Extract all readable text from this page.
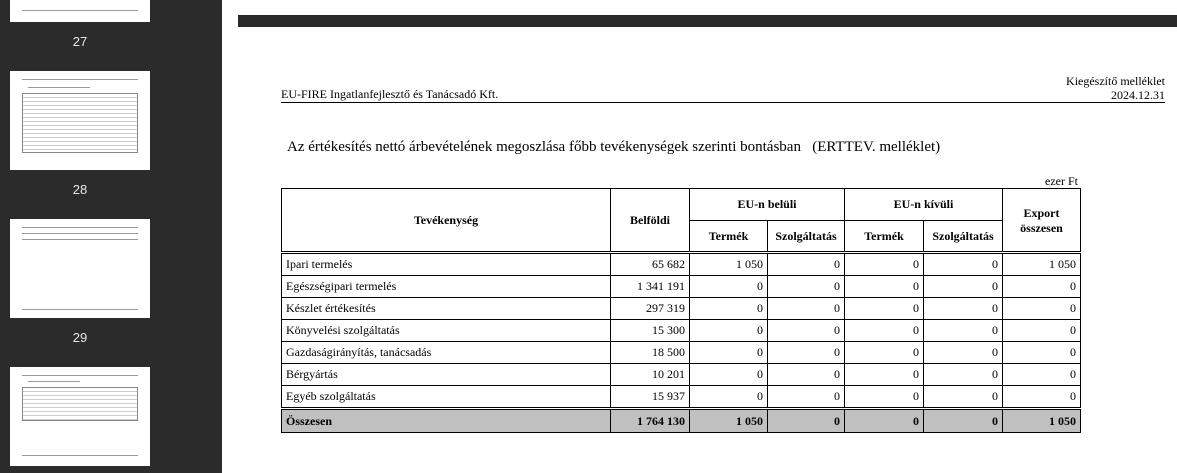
27
28
29
EU-FIRE Ingatlanfejlesztő és Tanácsadó Kft.
Kiegészítő melléklet
2024.12.31
Az értékesítés nettó árbevételének megoszlása főbb tevékenységek szerinti bontásban   (ERTTEV. melléklet)
ezer Ft
Tevékenység	Belföldi	EU-n belüli		EU-n kívüli		Export
		Termék	Szolgáltatás	Termék	Szolgáltatás	összesen
Ipari termelés	65 682	1 050	0	0	0	1 050
Egészségipari termelés	1 341 191	0	0	0	0	0
Készlet értékesítés	297 319	0	0	0	0	0
Könyvelési szolgáltatás	15 300	0	0	0	0	0
Gazdaságirányítás, tanácsadás	18 500	0	0	0	0	0
Bérgyártás	10 201	0	0	0	0	0
Egyéb szolgáltatás	15 937	0	0	0	0	0
Összesen	1 764 130	1 050	0	0	0	1 050
